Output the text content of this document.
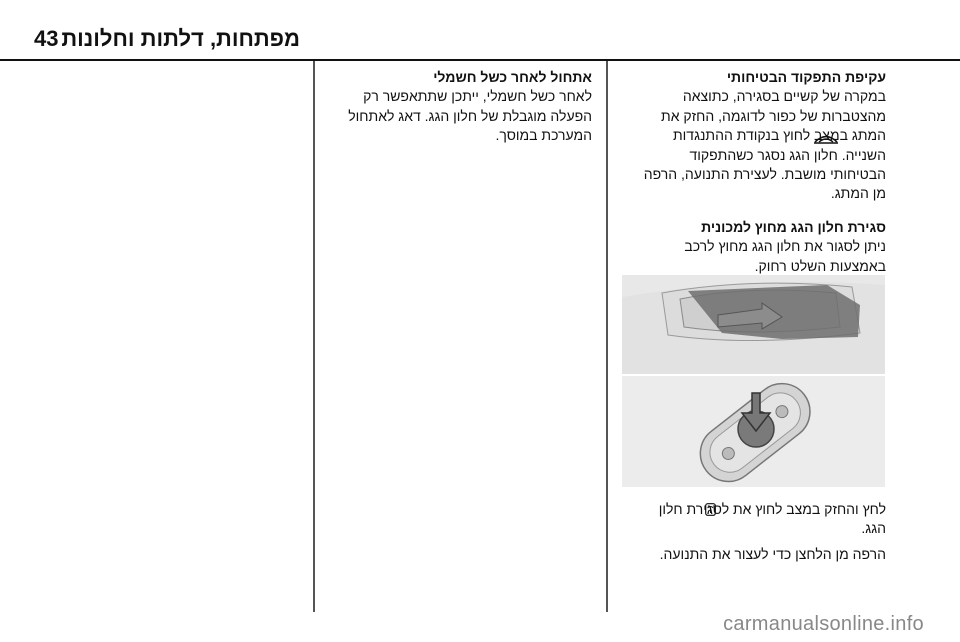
מפתחות, דלתות וחלונות
43
עקיפת התפקוד הבטיחותי
במקרה של קשיים בסגירה, כתוצאה
מהצטברות של כפור לדוגמה, החזק את
המתג במצב לחוץ בנקודת ההתנגדות
השנייה. חלון הגג נסגר כשהתפקוד
הבטיחותי מושבת. לעצירת התנועה, הרפה
מן המתג.
סגירת חלון הגג מחוץ למכונית
ניתן לסגור את חלון הגג מחוץ לרכב
באמצעות השלט רחוק.
לחץ והחזק במצב לחוץ את לסגירת חלון
הגג.
הרפה מן הלחצן כדי לעצור את התנועה.
אתחול לאחר כשל חשמלי
לאחר כשל חשמלי, ייתכן שתתאפשר רק
הפעלה מוגבלת של חלון הגג. דאג לאתחול
המערכת במוסך.
carmanualsonline.info
